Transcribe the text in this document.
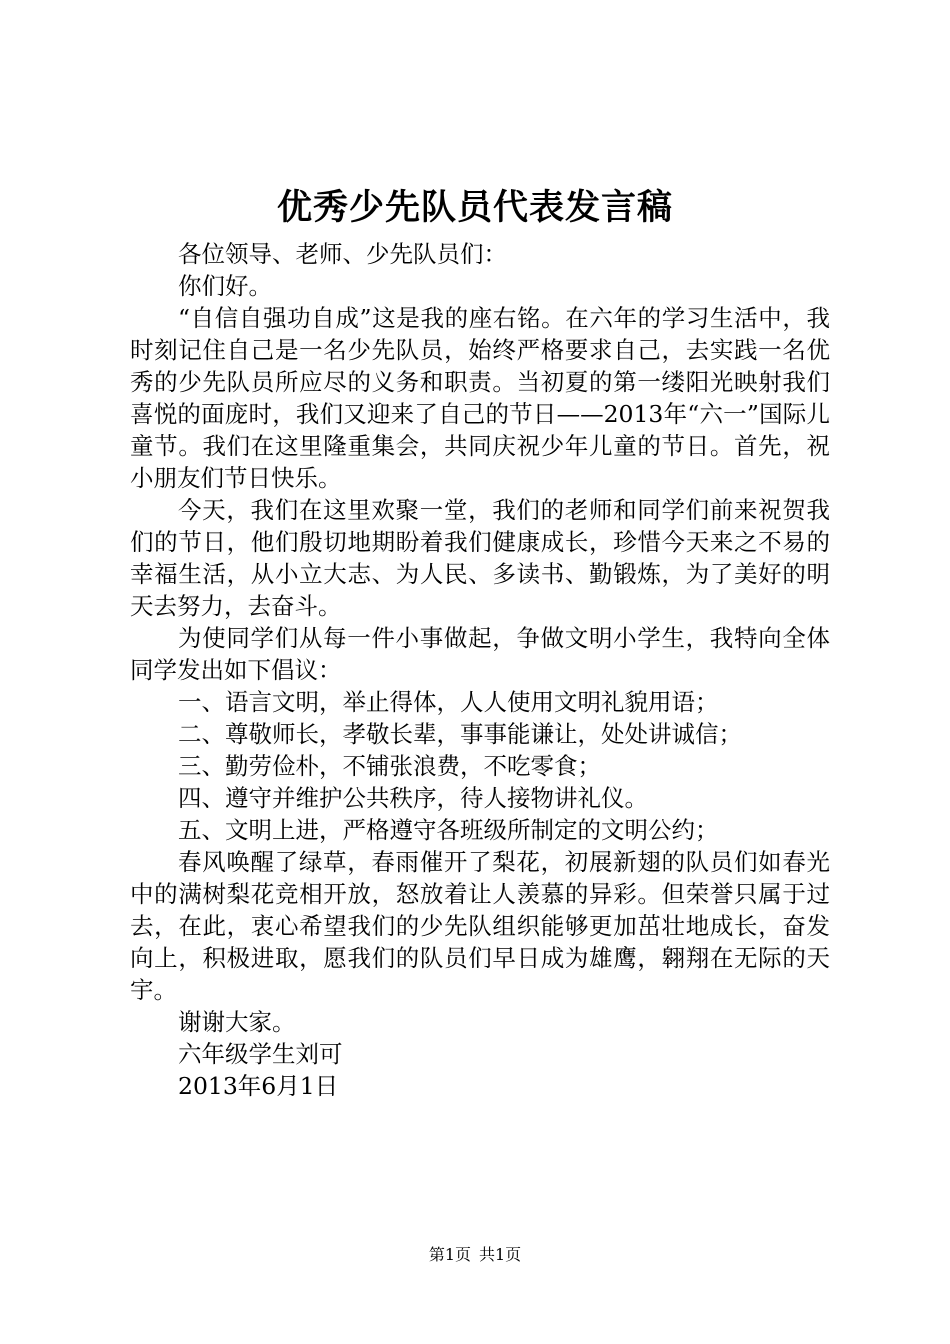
优秀少先队员代表发言稿

各位领导、老师、少先队员们：

你们好。

“自信自强功自成”这是我的座右铭。在六年的学习生活中，我时刻记住自己是一名少先队员，始终严格要求自己，去实践一名优秀的少先队员所应尽的义务和职责。当初夏的第一缕阳光映射我们喜悦的面庞时，我们又迎来了自己的节日——2013年“六一”国际儿童节。我们在这里隆重集会，共同庆祝少年儿童的节日。首先，祝小朋友们节日快乐。

今天，我们在这里欢聚一堂，我们的老师和同学们前来祝贺我们的节日，他们殷切地期盼着我们健康成长，珍惜今天来之不易的幸福生活，从小立大志、为人民、多读书、勤锻炼，为了美好的明天去努力，去奋斗。

为使同学们从每一件小事做起，争做文明小学生，我特向全体同学发出如下倡议：

一、语言文明，举止得体，人人使用文明礼貌用语；

二、尊敬师长，孝敬长辈，事事能谦让，处处讲诚信；

三、勤劳俭朴，不铺张浪费，不吃零食；

四、遵守并维护公共秩序，待人接物讲礼仪。

五、文明上进，严格遵守各班级所制定的文明公约；

春风唤醒了绿草，春雨催开了梨花，初展新翅的队员们如春光中的满树梨花竞相开放，怒放着让人羡慕的异彩。但荣誉只属于过去，在此，衷心希望我们的少先队组织能够更加茁壮地成长，奋发向上，积极进取，愿我们的队员们早日成为雄鹰，翱翔在无际的天宇。

谢谢大家。

六年级学生刘可

2013年6月1日

第1页 共1页
